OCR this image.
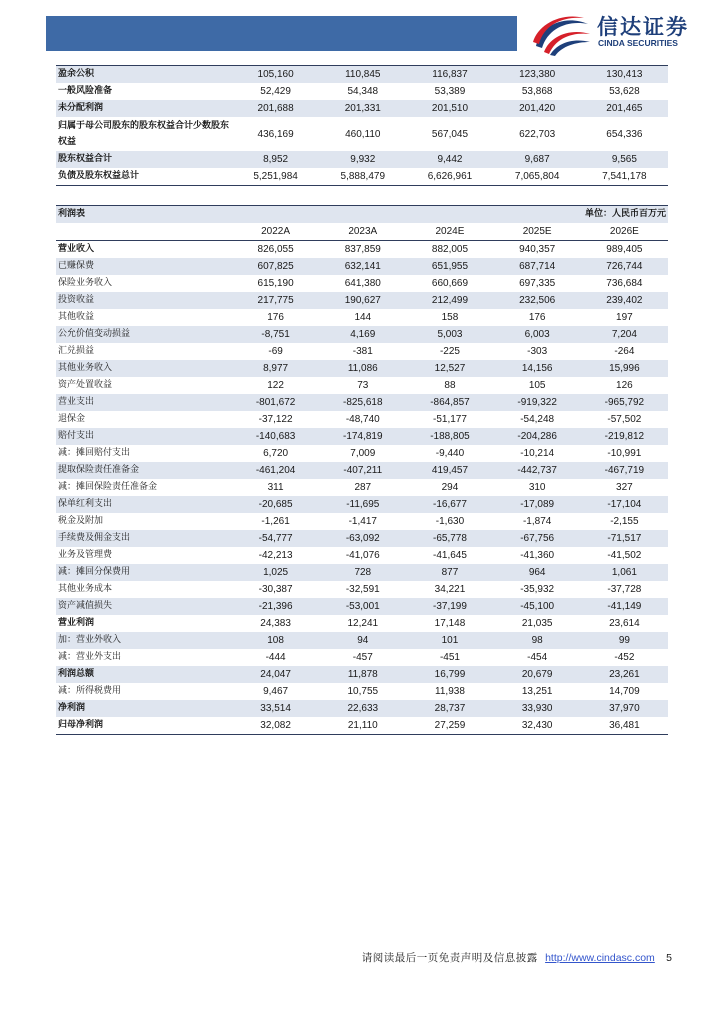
信达证券
CINDA SECURITIES
盈余公积	105,160	110,845	116,837	123,380	130,413
一般风险准备	52,429	54,348	53,389	53,868	53,628
未分配利润	201,688	201,331	201,510	201,420	201,465
归属于母公司股东的股东权益合计少数股东权益	436,169	460,110	567,045	622,703	654,336
股东权益合计	8,952	9,932	9,442	9,687	9,565
负债及股东权益总计	5,251,984	5,888,479	6,626,961	7,065,804	7,541,178
利润表	单位：人民币百万元				
	2022A	2023A	2024E	2025E	2026E
营业收入	826,055	837,859	882,005	940,357	989,405
已赚保费	607,825	632,141	651,955	687,714	726,744
保险业务收入	615,190	641,380	660,669	697,335	736,684
投资收益	217,775	190,627	212,499	232,506	239,402
其他收益	176	144	158	176	197
公允价值变动损益	-8,751	4,169	5,003	6,003	7,204
汇兑损益	-69	-381	-225	-303	-264
其他业务收入	8,977	11,086	12,527	14,156	15,996
资产处置收益	122	73	88	105	126
营业支出	-801,672	-825,618	-864,857	-919,322	-965,792
退保金	-37,122	-48,740	-51,177	-54,248	-57,502
赔付支出	-140,683	-174,819	-188,805	-204,286	-219,812
减：摊回赔付支出	6,720	7,009	-9,440	-10,214	-10,991
提取保险责任准备金	-461,204	-407,211	419,457	-442,737	-467,719
减：摊回保险责任准备金	311	287	294	310	327
保单红利支出	-20,685	-11,695	-16,677	-17,089	-17,104
税金及附加	-1,261	-1,417	-1,630	-1,874	-2,155
手续费及佣金支出	-54,777	-63,092	-65,778	-67,756	-71,517
业务及管理费	-42,213	-41,076	-41,645	-41,360	-41,502
减：摊回分保费用	1,025	728	877	964	1,061
其他业务成本	-30,387	-32,591	34,221	-35,932	-37,728
资产减值损失	-21,396	-53,001	-37,199	-45,100	-41,149
营业利润	24,383	12,241	17,148	21,035	23,614
加：营业外收入	108	94	101	98	99
减：营业外支出	-444	-457	-451	-454	-452
利润总额	24,047	11,878	16,799	20,679	23,261
减：所得税费用	9,467	10,755	11,938	13,251	14,709
净利润	33,514	22,633	28,737	33,930	37,970
归母净利润	32,082	21,110	27,259	32,430	36,481
请阅读最后一页免责声明及信息披露 http://www.cindasc.com 5
